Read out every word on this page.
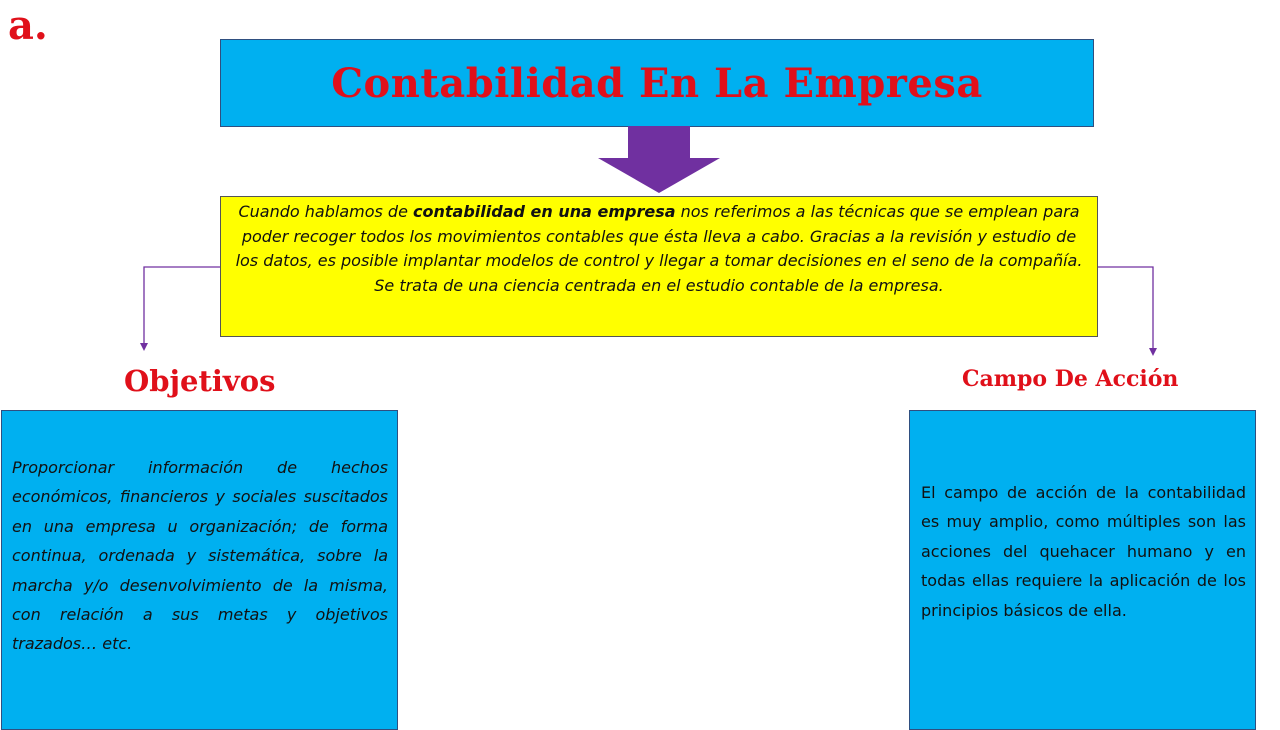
a.
Contabilidad En La Empresa
Cuando hablamos de contabilidad en una empresa nos referimos a las técnicas que se emplean para poder recoger todos los movimientos contables que ésta lleva a cabo. Gracias a la revisión y estudio de los datos, es posible implantar modelos de control y llegar a tomar decisiones en el seno de la compañía. Se trata de una ciencia centrada en el estudio contable de la empresa.
Objetivos	Campo De Acción
Proporcionar información de hechos económicos, financieros y sociales suscitados en una empresa u organización; de forma continua, ordenada y sistemática, sobre la marcha y/o desenvolvimiento de la misma, con relación a sus metas y objetivos trazados… etc.
El campo de acción de la contabilidad es muy amplio, como múltiples son las acciones del quehacer humano y en todas ellas requiere la aplicación de los principios básicos de ella.
